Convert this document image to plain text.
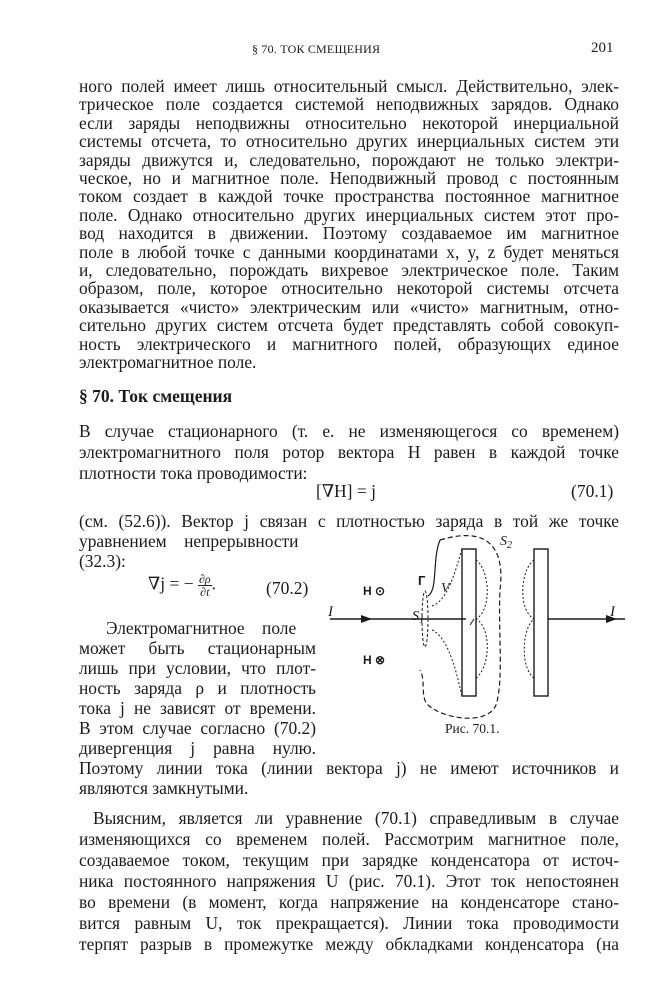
§ 70. ТОК СМЕЩЕНИЯ	201
ного полей имеет лишь относительный смысл. Действительно, элек-
трическое поле создается системой неподвижных зарядов. Однако
если заряды неподвижны относительно некоторой инерциальной
системы отсчета, то относительно других инерциальных систем эти
заряды движутся и, следовательно, порождают не только электри-
ческое, но и магнитное поле. Неподвижный провод с постоянным
током создает в каждой точке пространства постоянное магнитное
поле. Однако относительно других инерциальных систем этот про-
вод находится в движении. Поэтому создаваемое им магнитное
поле в любой точке с данными координатами x, y, z будет меняться
и, следовательно, порождать вихревое электрическое поле. Таким
образом, поле, которое относительно некоторой системы отсчета
оказывается «чисто» электрическим или «чисто» магнитным, отно-
сительно других систем отсчета будет представлять собой совокуп-
ность электрического и магнитного полей, образующих единое
§ 70. Ток смещения
В случае стационарного (т. е. не изменяющегося со временем)
электромагнитного поля ротор вектора H равен в каждой точке
плотности тока проводимости:
[∇H] = j	(70.1)
(см. (52.6)). Вектор j связан с плотностью заряда в той же точке
уравнением    непрерывности
(32.3):
∇j = − $\frac{\partial\rho}{\partial t}$ .	(70.2)
Электромагнитное    поле
может быть стационарным
лишь при условии, что плот-
ность заряда ρ и плотность
тока j не зависят от времени.
В этом случае согласно (70.2)
дивергенция j равна нулю.
Поэтому линии тока (линии вектора j) не имеют источников и
являются замкнутыми.
Выясним, является ли уравнение (70.1) справедливым в случае
изменяющихся со временем полей. Рассмотрим магнитное поле,
создаваемое током, текущим при зарядке конденсатора от источ-
ника постоянного напряжения U (рис. 70.1). Этот ток непостоянен
во времени (в момент, когда напряжение на конденсаторе стано-
вится равным U, ток прекращается). Линии тока проводимости
терпят разрыв в промежутке между обкладками конденсатора (на
I	I
H ⊙
H ⊗
Г
V
$S_1$
$S_2$
Рис. 70.1.
электромагнитное поле.
